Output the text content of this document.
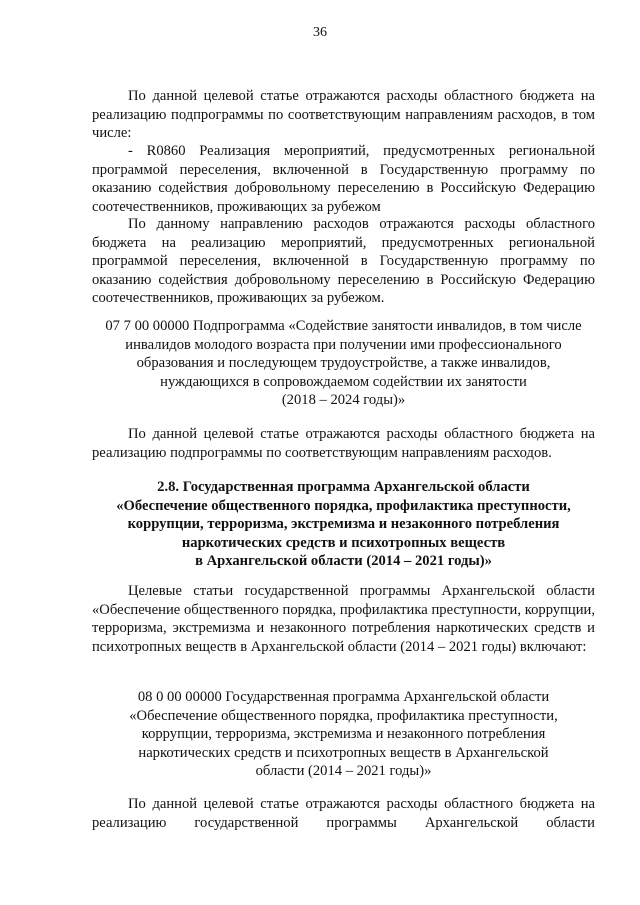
36

По данной целевой статье отражаются расходы областного бюджета на реализацию подпрограммы по соответствующим направлениям расходов, в том числе:

- R0860 Реализация мероприятий, предусмотренных региональной программой переселения, включенной в Государственную программу по оказанию содействия добровольному переселению в Российскую Федерацию соотечественников, проживающих за рубежом

По данному направлению расходов отражаются расходы областного бюджета на реализацию мероприятий, предусмотренных региональной программой переселения, включенной в Государственную программу по оказанию содействия добровольному переселению в Российскую Федерацию соотечественников, проживающих за рубежом.

07 7 00 00000 Подпрограмма «Содействие занятости инвалидов, в том числе
инвалидов молодого возраста при получении ими профессионального
образования и последующем трудоустройстве, а также инвалидов,
нуждающихся в сопровождаемом содействии их занятости
(2018 – 2024 годы)»

По данной целевой статье отражаются расходы областного бюджета на реализацию подпрограммы по соответствующим направлениям расходов.

2.8. Государственная программа Архангельской области
«Обеспечение общественного порядка, профилактика преступности,
коррупции, терроризма, экстремизма и незаконного потребления
наркотических средств и психотропных веществ
в Архангельской области (2014 – 2021 годы)»

Целевые статьи государственной программы Архангельской области «Обеспечение общественного порядка, профилактика преступности, коррупции, терроризма, экстремизма и незаконного потребления наркотических средств и психотропных веществ в Архангельской области (2014 – 2021 годы) включают:

08 0 00 00000 Государственная программа Архангельской области
«Обеспечение общественного порядка, профилактика преступности,
коррупции, терроризма, экстремизма и незаконного потребления
наркотических средств и психотропных веществ в Архангельской
области (2014 – 2021 годы)»
По данной целевой статье отражаются расходы областного бюджета на
реализацию государственной программы Архангельской области
